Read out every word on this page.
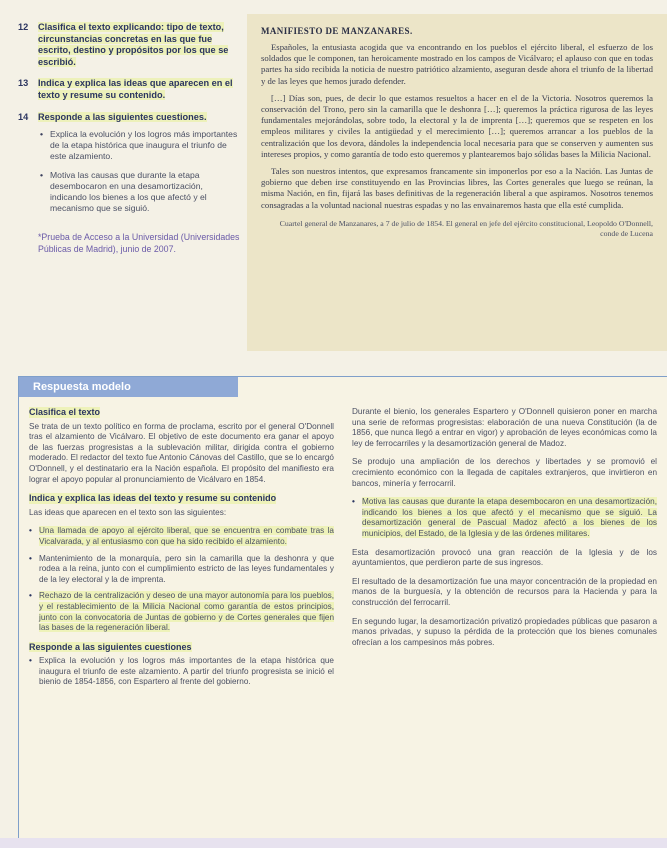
12 Clasifica el texto explicando: tipo de texto, circunstancias concretas en las que fue escrito, destino y propósitos por los que se escribió.
13 Indica y explica las ideas que aparecen en el texto y resume su contenido.
14 Responde a las siguientes cuestiones.
• Explica la evolución y los logros más importantes de la etapa histórica que inaugura el triunfo de este alzamiento.
• Motiva las causas que durante la etapa desembocaron en una desamortización, indicando los bienes a los que afectó y el mecanismo que se siguió.
*Prueba de Acceso a la Universidad (Universidades Públicas de Madrid), junio de 2007.
MANIFIESTO DE MANZANARES.

Españoles, la entusiasta acogida que va encontrando en los pueblos el ejército liberal, el esfuerzo de los soldados que le componen, tan heroicamente mostrado en los campos de Vicálvaro; el aplauso con que en todas partes ha sido recibida la noticia de nuestro patriótico alzamiento, aseguran desde ahora el triunfo de la libertad y de las leyes que hemos jurado defender.

[…] Días son, pues, de decir lo que estamos resueltos a hacer en el de la Victoria. Nosotros queremos la conservación del Trono, pero sin la camarilla que le deshonra […]; queremos la práctica rigurosa de las leyes fundamentales mejorándolas, sobre todo, la electoral y la de imprenta […]; queremos que se respeten en los empleos militares y civiles la antigüedad y el merecimiento […]; queremos arrancar a los pueblos de la centralización que los devora, dándoles la independencia local necesaria para que se conserven y aumenten sus intereses propios, y como garantía de todo esto queremos y plantearemos bajo sólidas bases la Milicia Nacional.

Tales son nuestros intentos, que expresamos francamente sin imponerlos por eso a la Nación. Las Juntas de gobierno que deben irse constituyendo en las Provincias libres, las Cortes generales que luego se reúnan, la misma Nación, en fin, fijará las bases definitivas de la regeneración liberal a que aspiramos. Nosotros tenemos consagradas a la voluntad nacional nuestras espadas y no las envainaremos hasta que ella esté cumplida.

Cuartel general de Manzanares, a 7 de julio de 1854. El general en jefe del ejército constitucional, Leopoldo O'Donnell, conde de Lucena
Respuesta modelo
Clasifica el texto

Se trata de un texto político en forma de proclama, escrito por el general O'Donnell tras el alzamiento de Vicálvaro. El objetivo de este documento era ganar el apoyo de las fuerzas progresistas a la sublevación militar, dirigida contra el gobierno moderado. El redactor del texto fue Antonio Cánovas del Castillo, que se lo encargó O'Donnell, y el destinatario era la Nación española. El propósito del manifiesto era lograr el apoyo popular al pronunciamiento de Vicálvaro en 1854.

Indica y explica las ideas del texto y resume su contenido

Las ideas que aparecen en el texto son las siguientes:

• Una llamada de apoyo al ejército liberal, que se encuentra en combate tras la Vicalvarada, y al entusiasmo con que ha sido recibido el alzamiento.
• Mantenimiento de la monarquía, pero sin la camarilla que la deshonra y que rodea a la reina, junto con el cumplimiento estricto de las leyes fundamentales y de la ley electoral y la de imprenta.
• Rechazo de la centralización y deseo de una mayor autonomía para los pueblos, y el restablecimiento de la Milicia Nacional como garantía de estos principios, junto con la convocatoria de Juntas de gobierno y de Cortes generales que fijen las bases de la regeneración liberal.
Responde a las siguientes cuestiones
• Explica la evolución y los logros más importantes de la etapa histórica que inaugura el triunfo de este alzamiento. A partir del triunfo progresista se inició el bienio de 1854-1856, con Espartero al frente del gobierno.

Durante el bienio, los generales Espartero y O'Donnell quisieron poner en marcha una serie de reformas progresistas: elaboración de una nueva Constitución (la de 1856, que nunca llegó a entrar en vigor) y aprobación de leyes económicas como la ley de ferrocarriles y la desamortización general de Madoz.

Se produjo una ampliación de los derechos y libertades y se promovió el crecimiento económico con la llegada de capitales extranjeros, que invirtieron en bancos, minería y ferrocarril.

• Motiva las causas que durante la etapa desembocaron en una desamortización, indicando los bienes a los que afectó y el mecanismo que se siguió. La desamortización general de Pascual Madoz afectó a los bienes de los municipios, del Estado, de la Iglesia y de las órdenes militares.

Esta desamortización provocó una gran reacción de la Iglesia y de los ayuntamientos, que perdieron parte de sus ingresos.

El resultado de la desamortización fue una mayor concentración de la propiedad en manos de la burguesía, y la obtención de recursos para la Hacienda y para la construcción del ferrocarril.

En segundo lugar, la desamortización privatizó propiedades públicas que pasaron a manos privadas, y supuso la pérdida de la protección que los bienes comunales ofrecían a los campesinos más pobres.
